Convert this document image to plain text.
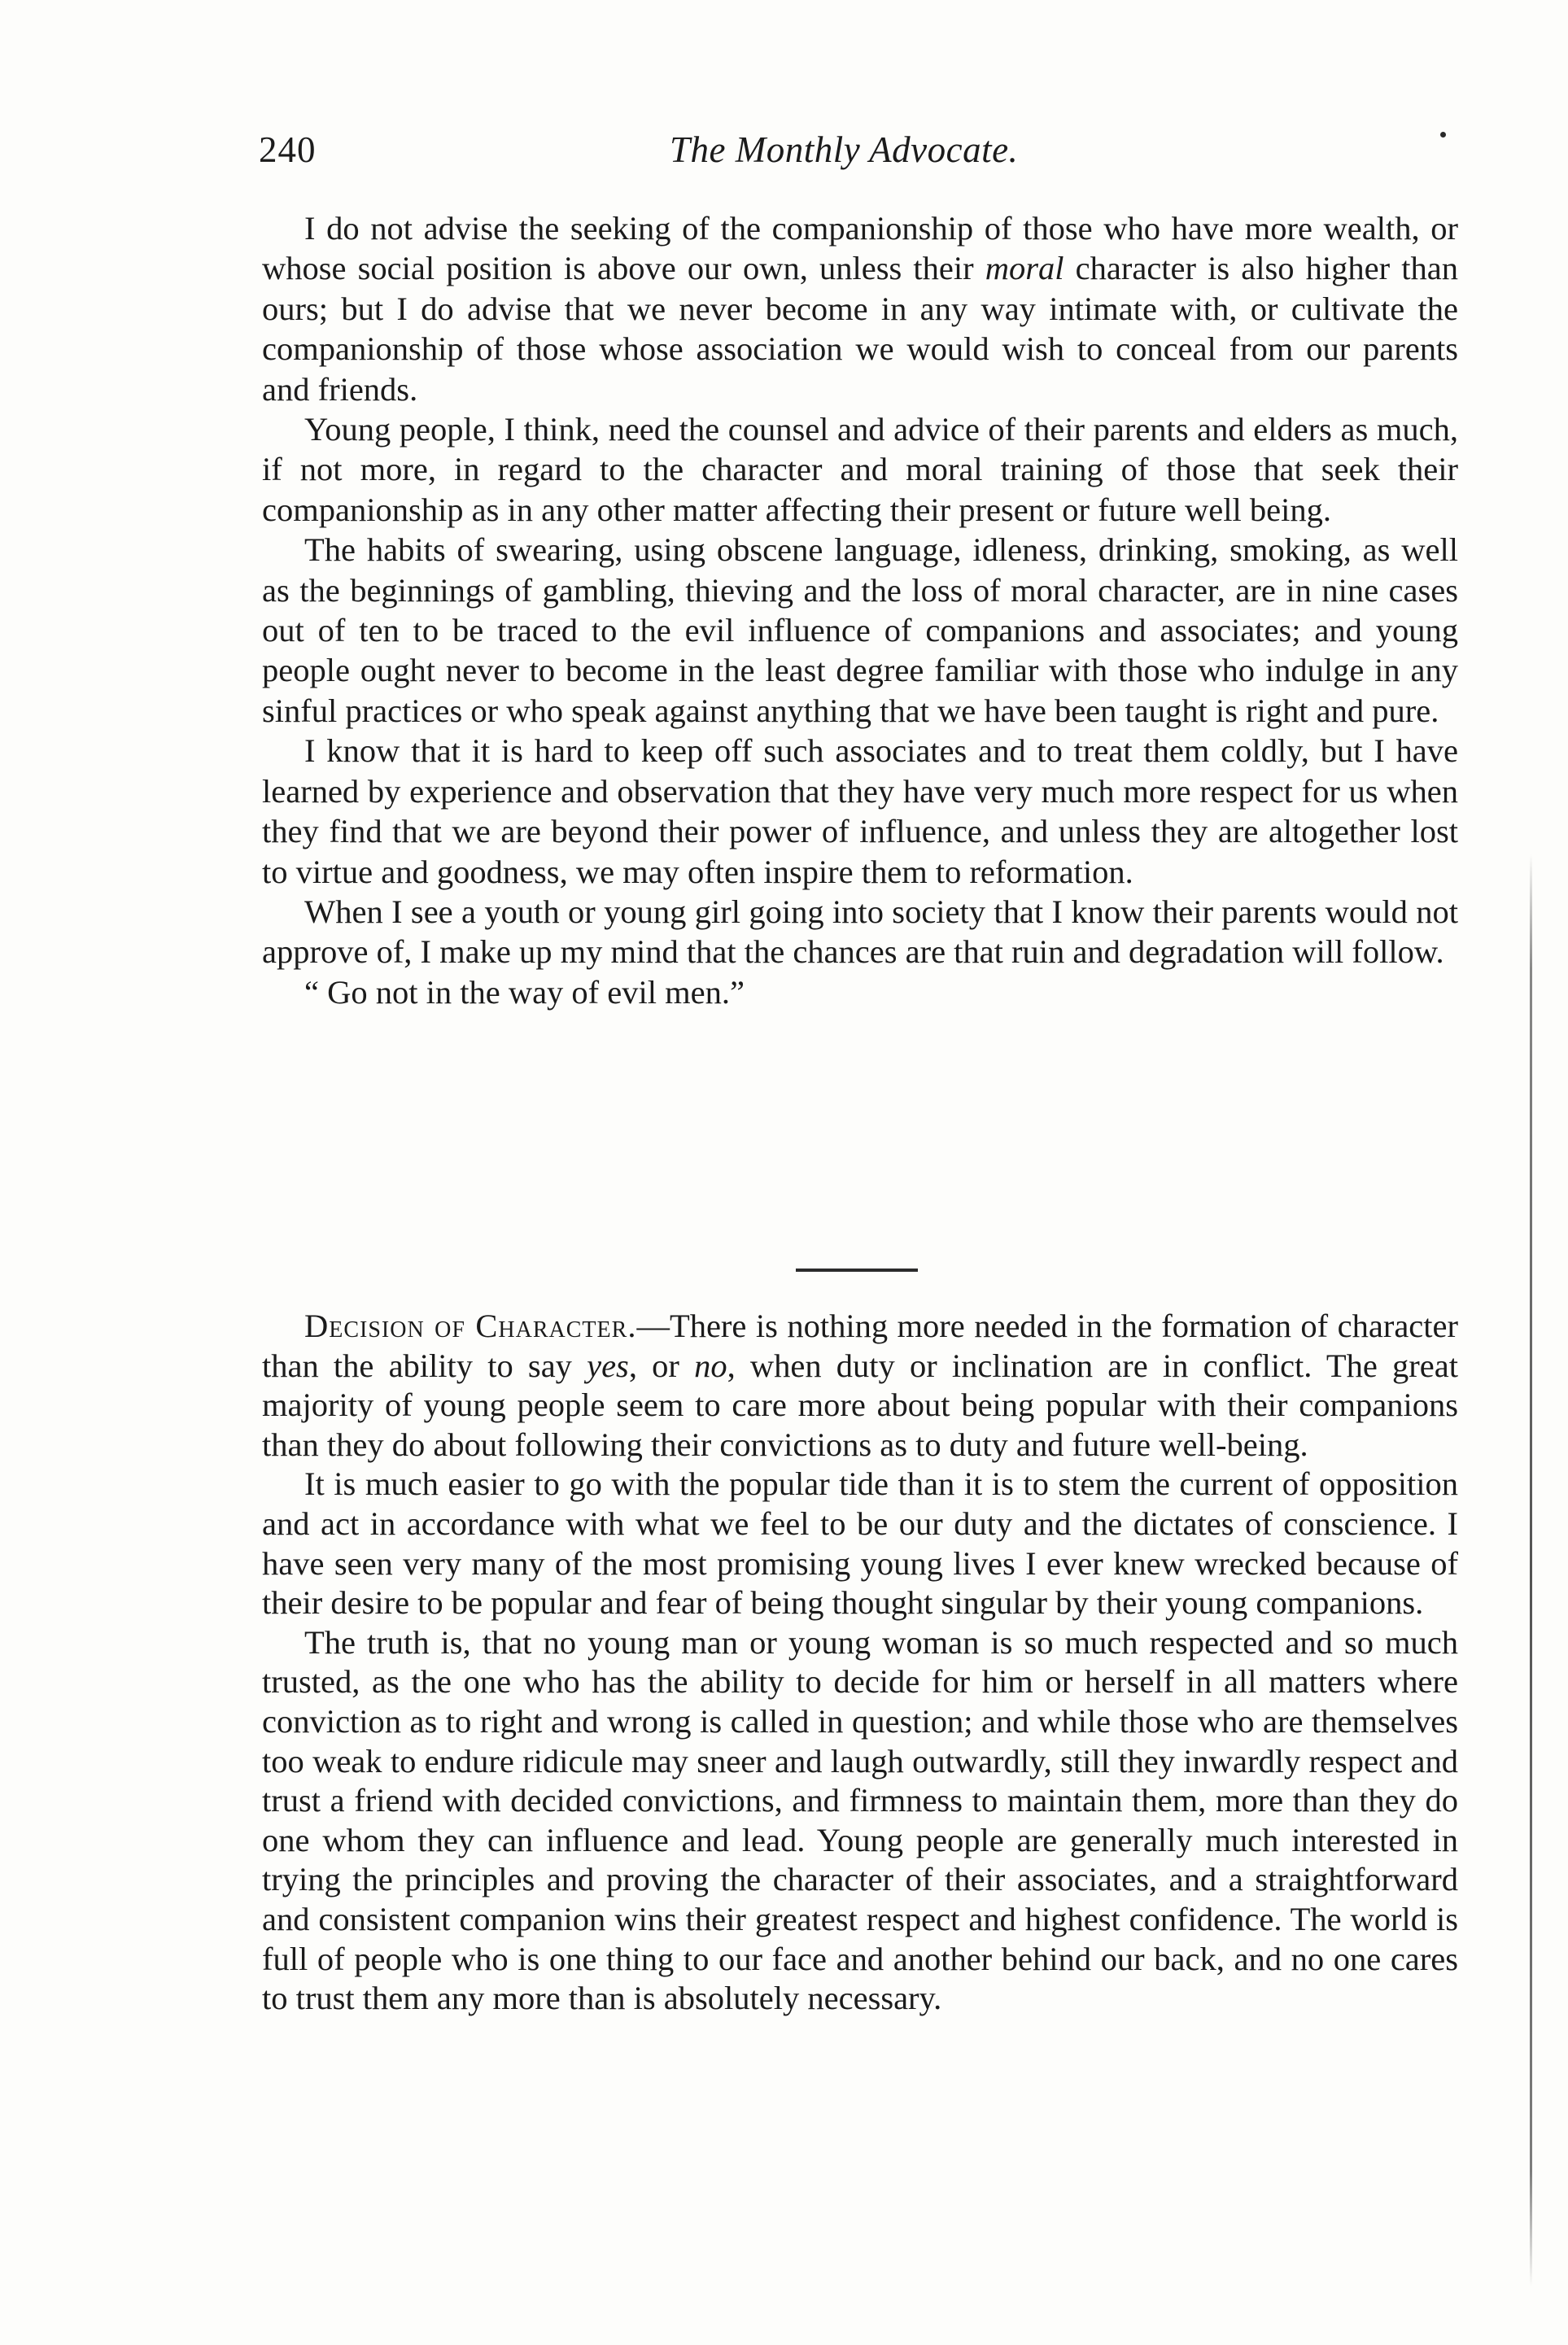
240	The Monthly Advocate.

I do not advise the seeking of the companionship of those who have more wealth, or whose social position is above our own, unless their moral character is also higher than ours; but I do advise that we never become in any way intimate with, or cultivate the companionship of those whose association we would wish to conceal from our parents and friends.

Young people, I think, need the counsel and advice of their parents and elders as much, if not more, in regard to the character and moral training of those that seek their companionship as in any other matter affecting their present or future well being.

The habits of swearing, using obscene language, idleness, drinking, smoking, as well as the beginnings of gambling, thieving and the loss of moral character, are in nine cases out of ten to be traced to the evil influence of companions and associates; and young people ought never to become in the least degree familiar with those who indulge in any sinful practices or who speak against anything that we have been taught is right and pure.

I know that it is hard to keep off such associates and to treat them coldly, but I have learned by experience and observation that they have very much more respect for us when they find that we are beyond their power of influence, and unless they are altogether lost to virtue and goodness, we may often inspire them to reformation.

When I see a youth or young girl going into society that I know their parents would not approve of, I make up my mind that the chances are that ruin and degradation will follow.

“ Go not in the way of evil men.”

Decision of Character.—There is nothing more needed in the formation of character than the ability to say yes, or no, when duty or inclination are in conflict. The great majority of young people seem to care more about being popular with their companions than they do about following their convictions as to duty and future well-being.

It is much easier to go with the popular tide than it is to stem the current of opposition and act in accordance with what we feel to be our duty and the dictates of conscience. I have seen very many of the most promising young lives I ever knew wrecked because of their desire to be popular and fear of being thought singular by their young companions.

The truth is, that no young man or young woman is so much respected and so much trusted, as the one who has the ability to decide for him or herself in all matters where conviction as to right and wrong is called in question; and while those who are themselves too weak to endure ridicule may sneer and laugh outwardly, still they inwardly respect and trust a friend with decided convictions, and firmness to maintain them, more than they do one whom they can influence and lead. Young people are generally much interested in trying the principles and proving the character of their associates, and a straightforward and consistent companion wins their greatest respect and highest confidence. The world is full of people who is one thing to our face and another behind our back, and no one cares to trust them any more than is absolutely necessary.
